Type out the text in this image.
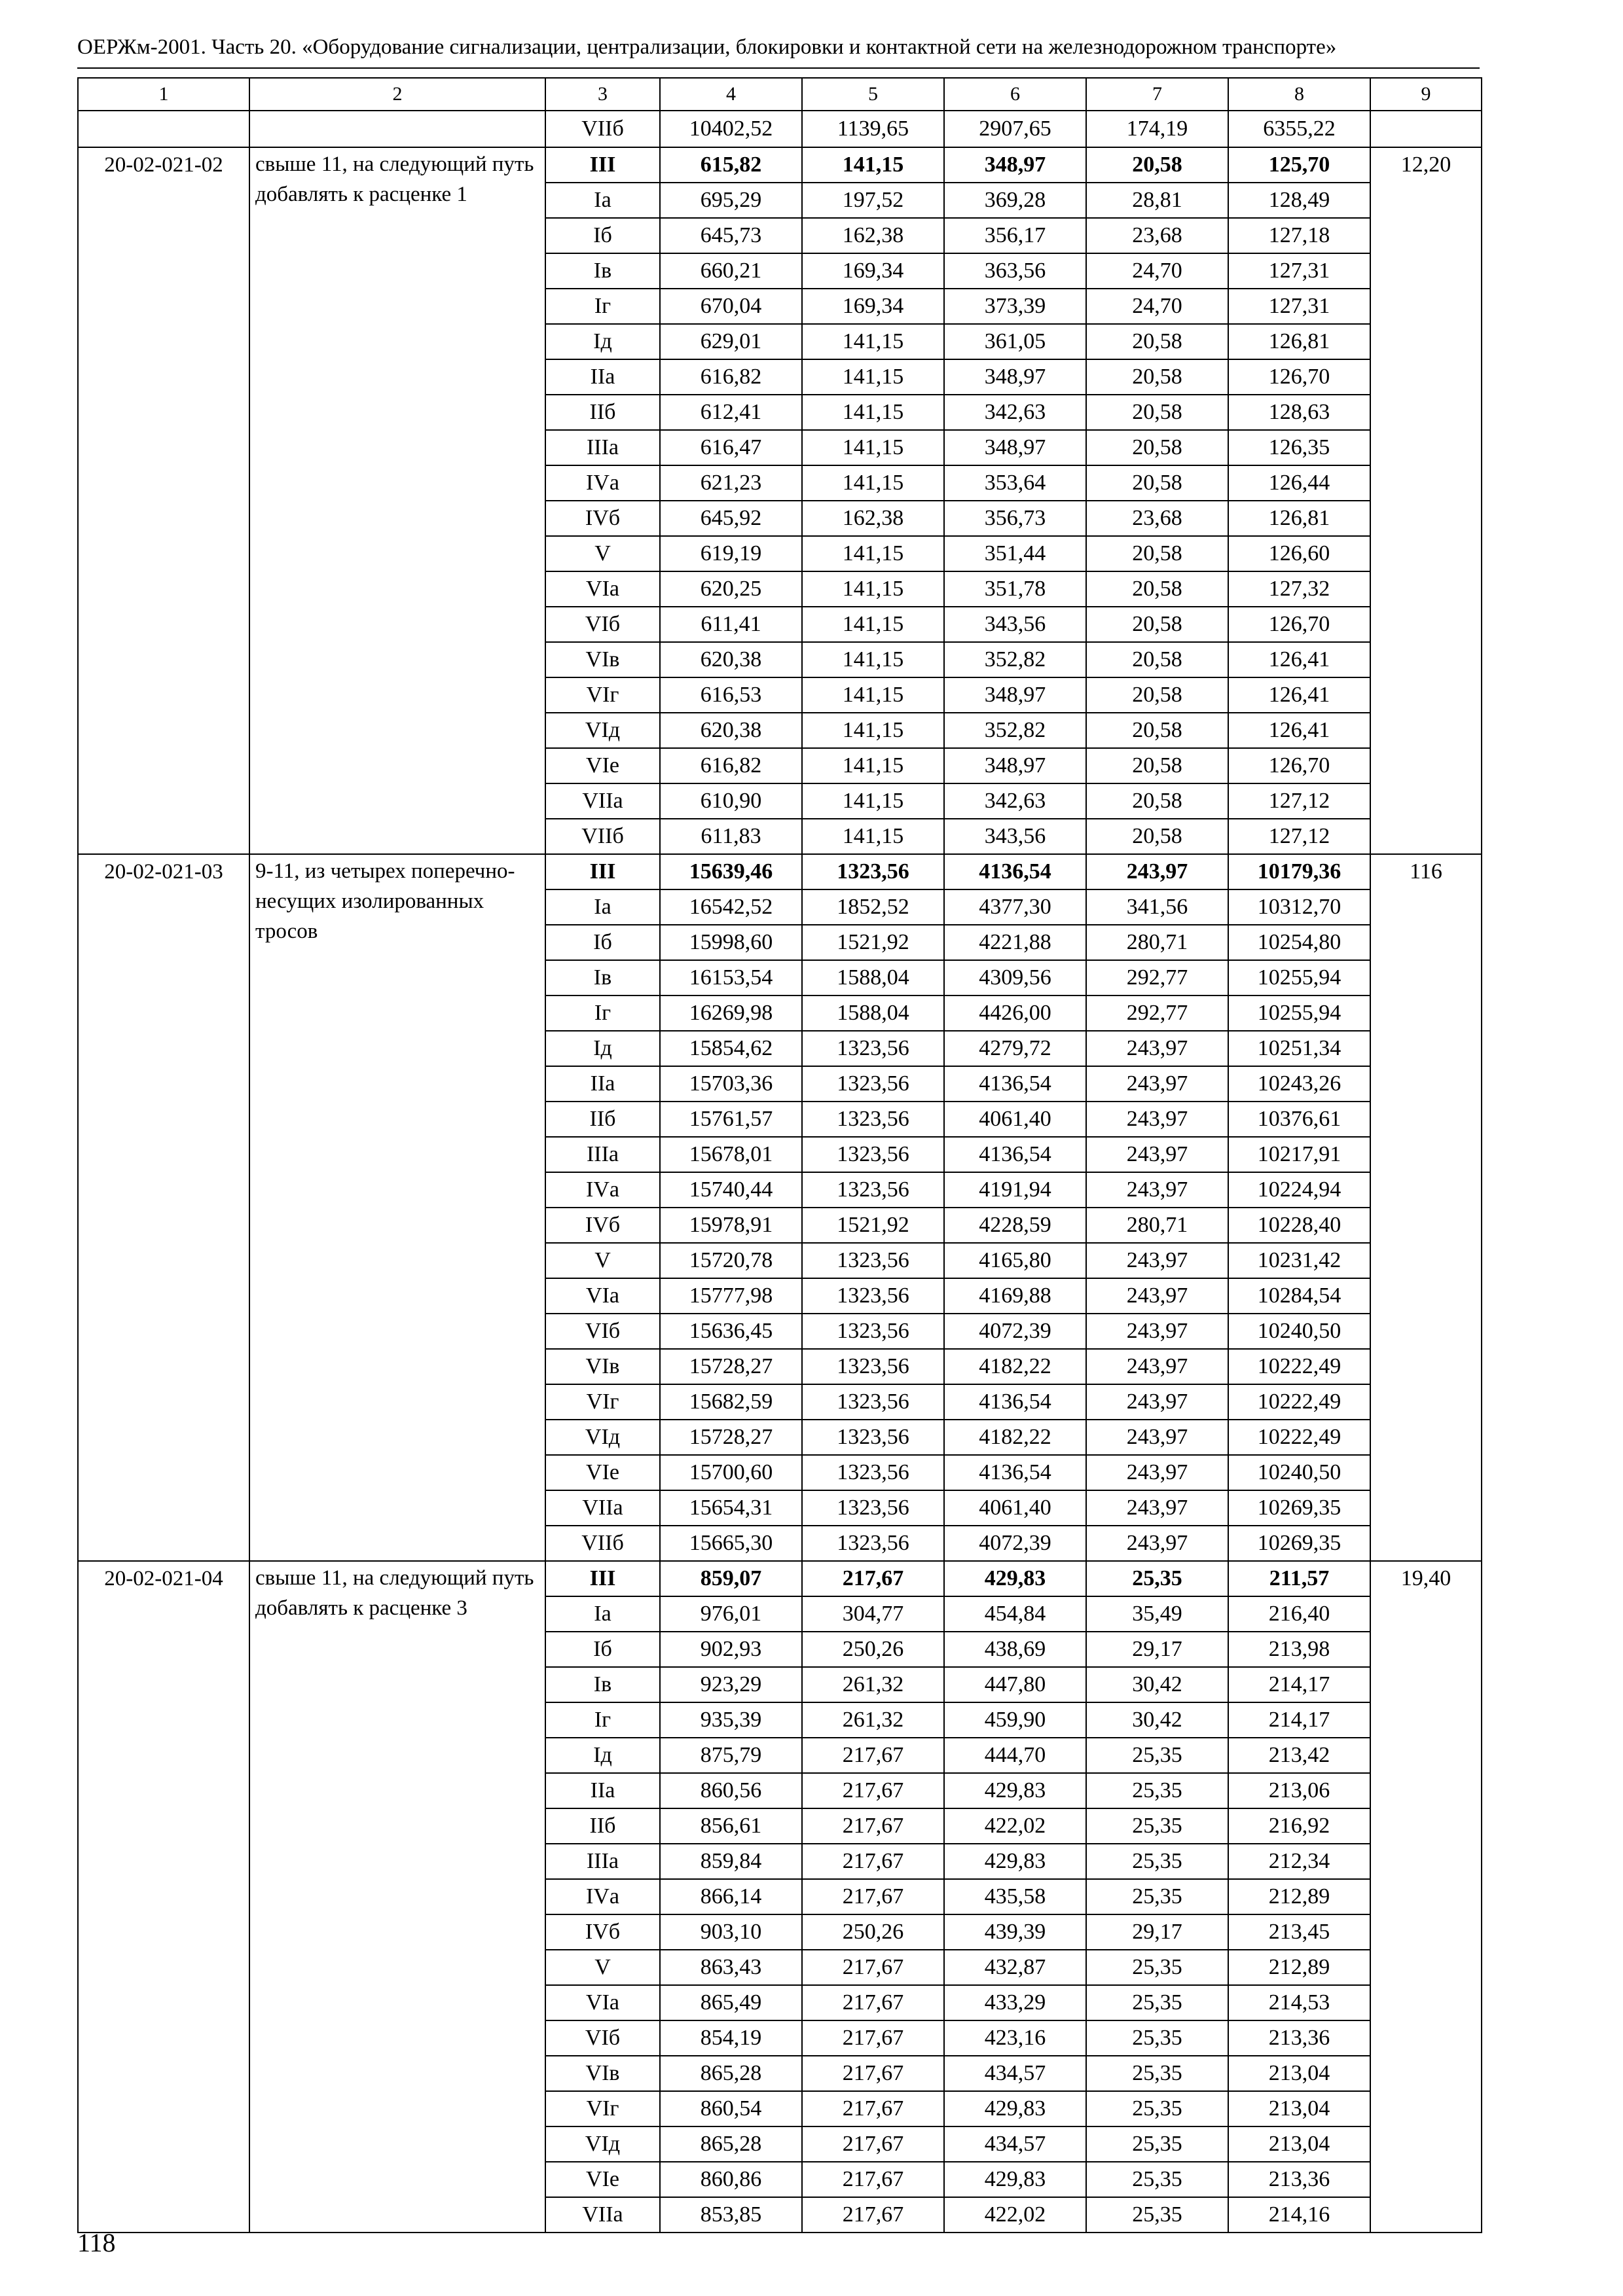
ОЕРЖм-2001. Часть 20. «Оборудование сигнализации, централизации, блокировки и контактной сети на железнодорожном транспорте»
1	2	3	4	5	6	7	8	9
		VIIб	10402,52	1139,65	2907,65	174,19	6355,22	
20-02-021-02	свыше 11, на следующий путь добавлять к расценке 1	III	615,82	141,15	348,97	20,58	125,70	12,20
		Iа	695,29	197,52	369,28	28,81	128,49	
		Iб	645,73	162,38	356,17	23,68	127,18	
		Iв	660,21	169,34	363,56	24,70	127,31	
		Iг	670,04	169,34	373,39	24,70	127,31	
		Iд	629,01	141,15	361,05	20,58	126,81	
		IIа	616,82	141,15	348,97	20,58	126,70	
		IIб	612,41	141,15	342,63	20,58	128,63	
		IIIа	616,47	141,15	348,97	20,58	126,35	
		IVа	621,23	141,15	353,64	20,58	126,44	
		IVб	645,92	162,38	356,73	23,68	126,81	
		V	619,19	141,15	351,44	20,58	126,60	
		VIа	620,25	141,15	351,78	20,58	127,32	
		VIб	611,41	141,15	343,56	20,58	126,70	
		VIв	620,38	141,15	352,82	20,58	126,41	
		VIг	616,53	141,15	348,97	20,58	126,41	
		VIд	620,38	141,15	352,82	20,58	126,41	
		VIе	616,82	141,15	348,97	20,58	126,70	
		VIIа	610,90	141,15	342,63	20,58	127,12	
		VIIб	611,83	141,15	343,56	20,58	127,12	
20-02-021-03	9-11, из четырех поперечно-несущих изолированных тросов	III	15639,46	1323,56	4136,54	243,97	10179,36	116
		Iа	16542,52	1852,52	4377,30	341,56	10312,70	
		Iб	15998,60	1521,92	4221,88	280,71	10254,80	
		Iв	16153,54	1588,04	4309,56	292,77	10255,94	
		Iг	16269,98	1588,04	4426,00	292,77	10255,94	
		Iд	15854,62	1323,56	4279,72	243,97	10251,34	
		IIа	15703,36	1323,56	4136,54	243,97	10243,26	
		IIб	15761,57	1323,56	4061,40	243,97	10376,61	
		IIIа	15678,01	1323,56	4136,54	243,97	10217,91	
		IVа	15740,44	1323,56	4191,94	243,97	10224,94	
		IVб	15978,91	1521,92	4228,59	280,71	10228,40	
		V	15720,78	1323,56	4165,80	243,97	10231,42	
		VIа	15777,98	1323,56	4169,88	243,97	10284,54	
		VIб	15636,45	1323,56	4072,39	243,97	10240,50	
		VIв	15728,27	1323,56	4182,22	243,97	10222,49	
		VIг	15682,59	1323,56	4136,54	243,97	10222,49	
		VIд	15728,27	1323,56	4182,22	243,97	10222,49	
		VIе	15700,60	1323,56	4136,54	243,97	10240,50	
		VIIа	15654,31	1323,56	4061,40	243,97	10269,35	
		VIIб	15665,30	1323,56	4072,39	243,97	10269,35	
20-02-021-04	свыше 11, на следующий путь добавлять к расценке 3	III	859,07	217,67	429,83	25,35	211,57	19,40
		Iа	976,01	304,77	454,84	35,49	216,40	
		Iб	902,93	250,26	438,69	29,17	213,98	
		Iв	923,29	261,32	447,80	30,42	214,17	
		Iг	935,39	261,32	459,90	30,42	214,17	
		Iд	875,79	217,67	444,70	25,35	213,42	
		IIа	860,56	217,67	429,83	25,35	213,06	
		IIб	856,61	217,67	422,02	25,35	216,92	
		IIIа	859,84	217,67	429,83	25,35	212,34	
		IVа	866,14	217,67	435,58	25,35	212,89	
		IVб	903,10	250,26	439,39	29,17	213,45	
		V	863,43	217,67	432,87	25,35	212,89	
		VIа	865,49	217,67	433,29	25,35	214,53	
		VIб	854,19	217,67	423,16	25,35	213,36	
		VIв	865,28	217,67	434,57	25,35	213,04	
		VIг	860,54	217,67	429,83	25,35	213,04	
		VIд	865,28	217,67	434,57	25,35	213,04	
		VIе	860,86	217,67	429,83	25,35	213,36	
		VIIа	853,85	217,67	422,02	25,35	214,16	
118
